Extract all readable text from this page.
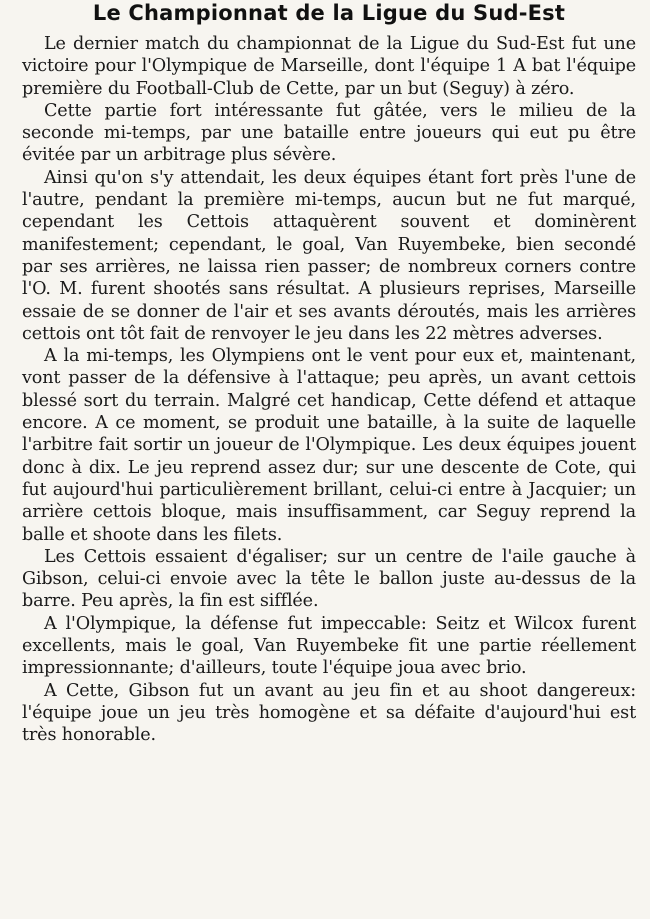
Le Championnat de la Ligue du Sud-Est

Le dernier match du championnat de la Ligue du Sud-Est fut une victoire pour l'Olympique de Marseille, dont l'équipe 1 A bat l'équipe première du Football-Club de Cette, par un but (Seguy) à zéro.

Cette partie fort intéressante fut gâtée, vers le milieu de la seconde mi-temps, par une bataille entre joueurs qui eut pu être évitée par un arbitrage plus sévère.

Ainsi qu'on s'y attendait, les deux équipes étant fort près l'une de l'autre, pendant la première mi-temps, aucun but ne fut marqué, cependant les Cettois attaquèrent souvent et dominèrent manifestement; cependant, le goal, Van Ruyembeke, bien secondé par ses arrières, ne laissa rien passer; de nombreux corners contre l'O. M. furent shootés sans résultat. A plusieurs reprises, Marseille essaie de se donner de l'air et ses avants déroutés, mais les arrières cettois ont tôt fait de renvoyer le jeu dans les 22 mètres adverses.

A la mi-temps, les Olympiens ont le vent pour eux et, maintenant, vont passer de la défensive à l'attaque; peu après, un avant cettois blessé sort du terrain. Malgré cet handicap, Cette défend et attaque encore. A ce moment, se produit une bataille, à la suite de laquelle l'arbitre fait sortir un joueur de l'Olympique. Les deux équipes jouent donc à dix. Le jeu reprend assez dur; sur une descente de Cote, qui fut aujourd'hui particulièrement brillant, celui-ci entre à Jacquier; un arrière cettois bloque, mais insuffisamment, car Seguy reprend la balle et shoote dans les filets.

Les Cettois essaient d'égaliser; sur un centre de l'aile gauche à Gibson, celui-ci envoie avec la tête le ballon juste au-dessus de la barre. Peu après, la fin est sifflée.

A l'Olympique, la défense fut impeccable: Seitz et Wilcox furent excellents, mais le goal, Van Ruyembeke fit une partie réellement impressionnante; d'ailleurs, toute l'équipe joua avec brio.

A Cette, Gibson fut un avant au jeu fin et au shoot dangereux: l'équipe joue un jeu très homogène et sa défaite d'aujourd'hui est très honorable.
